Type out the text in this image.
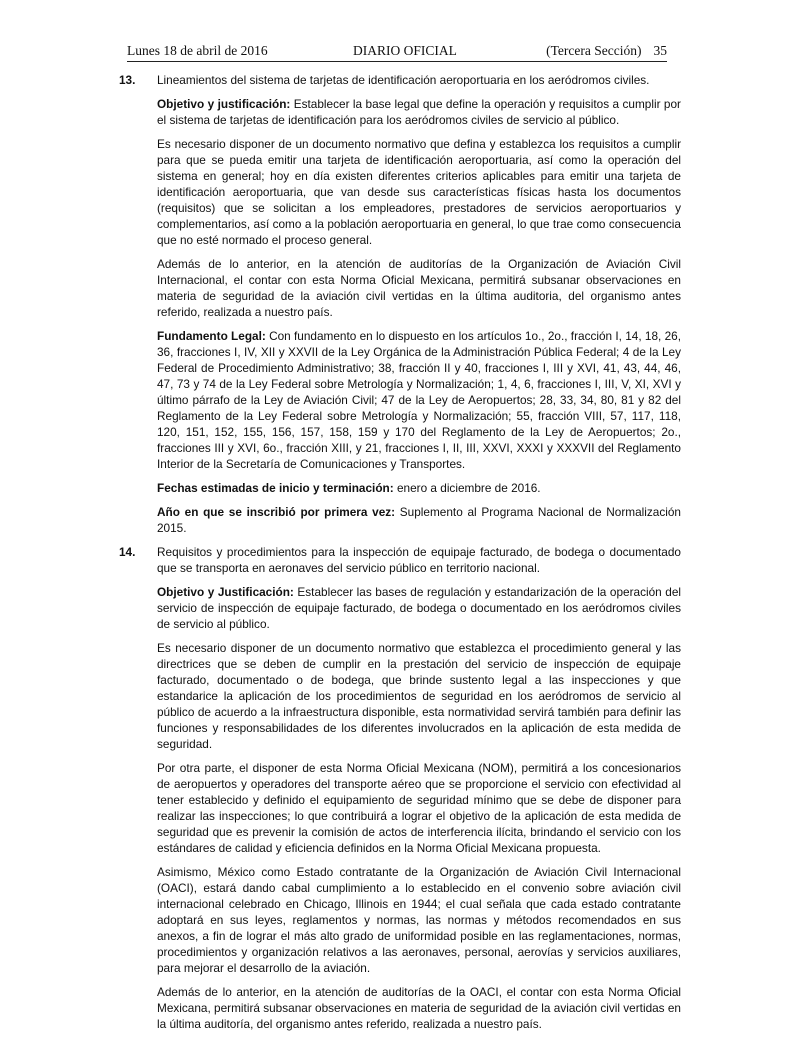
Lunes 18 de abril de 2016	DIARIO OFICIAL	(Tercera Sección) 35
13. Lineamientos del sistema de tarjetas de identificación aeroportuaria en los aeródromos civiles.

Objetivo y justificación: Establecer la base legal que define la operación y requisitos a cumplir por el sistema de tarjetas de identificación para los aeródromos civiles de servicio al público.

Es necesario disponer de un documento normativo que defina y establezca los requisitos a cumplir para que se pueda emitir una tarjeta de identificación aeroportuaria, así como la operación del sistema en general; hoy en día existen diferentes criterios aplicables para emitir una tarjeta de identificación aeroportuaria, que van desde sus características físicas hasta los documentos (requisitos) que se solicitan a los empleadores, prestadores de servicios aeroportuarios y complementarios, así como a la población aeroportuaria en general, lo que trae como consecuencia que no esté normado el proceso general.

Además de lo anterior, en la atención de auditorías de la Organización de Aviación Civil Internacional, el contar con esta Norma Oficial Mexicana, permitirá subsanar observaciones en materia de seguridad de la aviación civil vertidas en la última auditoria, del organismo antes referido, realizada a nuestro país.

Fundamento Legal: Con fundamento en lo dispuesto en los artículos 1o., 2o., fracción I, 14, 18, 26, 36, fracciones I, IV, XII y XXVII de la Ley Orgánica de la Administración Pública Federal; 4 de la Ley Federal de Procedimiento Administrativo; 38, fracción II y 40, fracciones I, III y XVI, 41, 43, 44, 46, 47, 73 y 74 de la Ley Federal sobre Metrología y Normalización; 1, 4, 6, fracciones I, III, V, XI, XVI y último párrafo de la Ley de Aviación Civil; 47 de la Ley de Aeropuertos; 28, 33, 34, 80, 81 y 82 del Reglamento de la Ley Federal sobre Metrología y Normalización; 55, fracción VIII, 57, 117, 118, 120, 151, 152, 155, 156, 157, 158, 159 y 170 del Reglamento de la Ley de Aeropuertos; 2o., fracciones III y XVI, 6o., fracción XIII, y 21, fracciones I, II, III, XXVI, XXXI y XXXVII del Reglamento Interior de la Secretaría de Comunicaciones y Transportes.

Fechas estimadas de inicio y terminación: enero a diciembre de 2016.

Año en que se inscribió por primera vez: Suplemento al Programa Nacional de Normalización 2015.

14. Requisitos y procedimientos para la inspección de equipaje facturado, de bodega o documentado que se transporta en aeronaves del servicio público en territorio nacional.

Objetivo y Justificación: Establecer las bases de regulación y estandarización de la operación del servicio de inspección de equipaje facturado, de bodega o documentado en los aeródromos civiles de servicio al público.

Es necesario disponer de un documento normativo que establezca el procedimiento general y las directrices que se deben de cumplir en la prestación del servicio de inspección de equipaje facturado, documentado o de bodega, que brinde sustento legal a las inspecciones y que estandarice la aplicación de los procedimientos de seguridad en los aeródromos de servicio al público de acuerdo a la infraestructura disponible, esta normatividad servirá también para definir las funciones y responsabilidades de los diferentes involucrados en la aplicación de esta medida de seguridad.

Por otra parte, el disponer de esta Norma Oficial Mexicana (NOM), permitirá a los concesionarios de aeropuertos y operadores del transporte aéreo que se proporcione el servicio con efectividad al tener establecido y definido el equipamiento de seguridad mínimo que se debe de disponer para realizar las inspecciones; lo que contribuirá a lograr el objetivo de la aplicación de esta medida de seguridad que es prevenir la comisión de actos de interferencia ilícita, brindando el servicio con los estándares de calidad y eficiencia definidos en la Norma Oficial Mexicana propuesta.

Asimismo, México como Estado contratante de la Organización de Aviación Civil Internacional (OACI), estará dando cabal cumplimiento a lo establecido en el convenio sobre aviación civil internacional celebrado en Chicago, Illinois en 1944; el cual señala que cada estado contratante adoptará en sus leyes, reglamentos y normas, las normas y métodos recomendados en sus anexos, a fin de lograr el más alto grado de uniformidad posible en las reglamentaciones, normas, procedimientos y organización relativos a las aeronaves, personal, aerovías y servicios auxiliares, para mejorar el desarrollo de la aviación.

Además de lo anterior, en la atención de auditorías de la OACI, el contar con esta Norma Oficial Mexicana, permitirá subsanar observaciones en materia de seguridad de la aviación civil vertidas en la última auditoría, del organismo antes referido, realizada a nuestro país.
